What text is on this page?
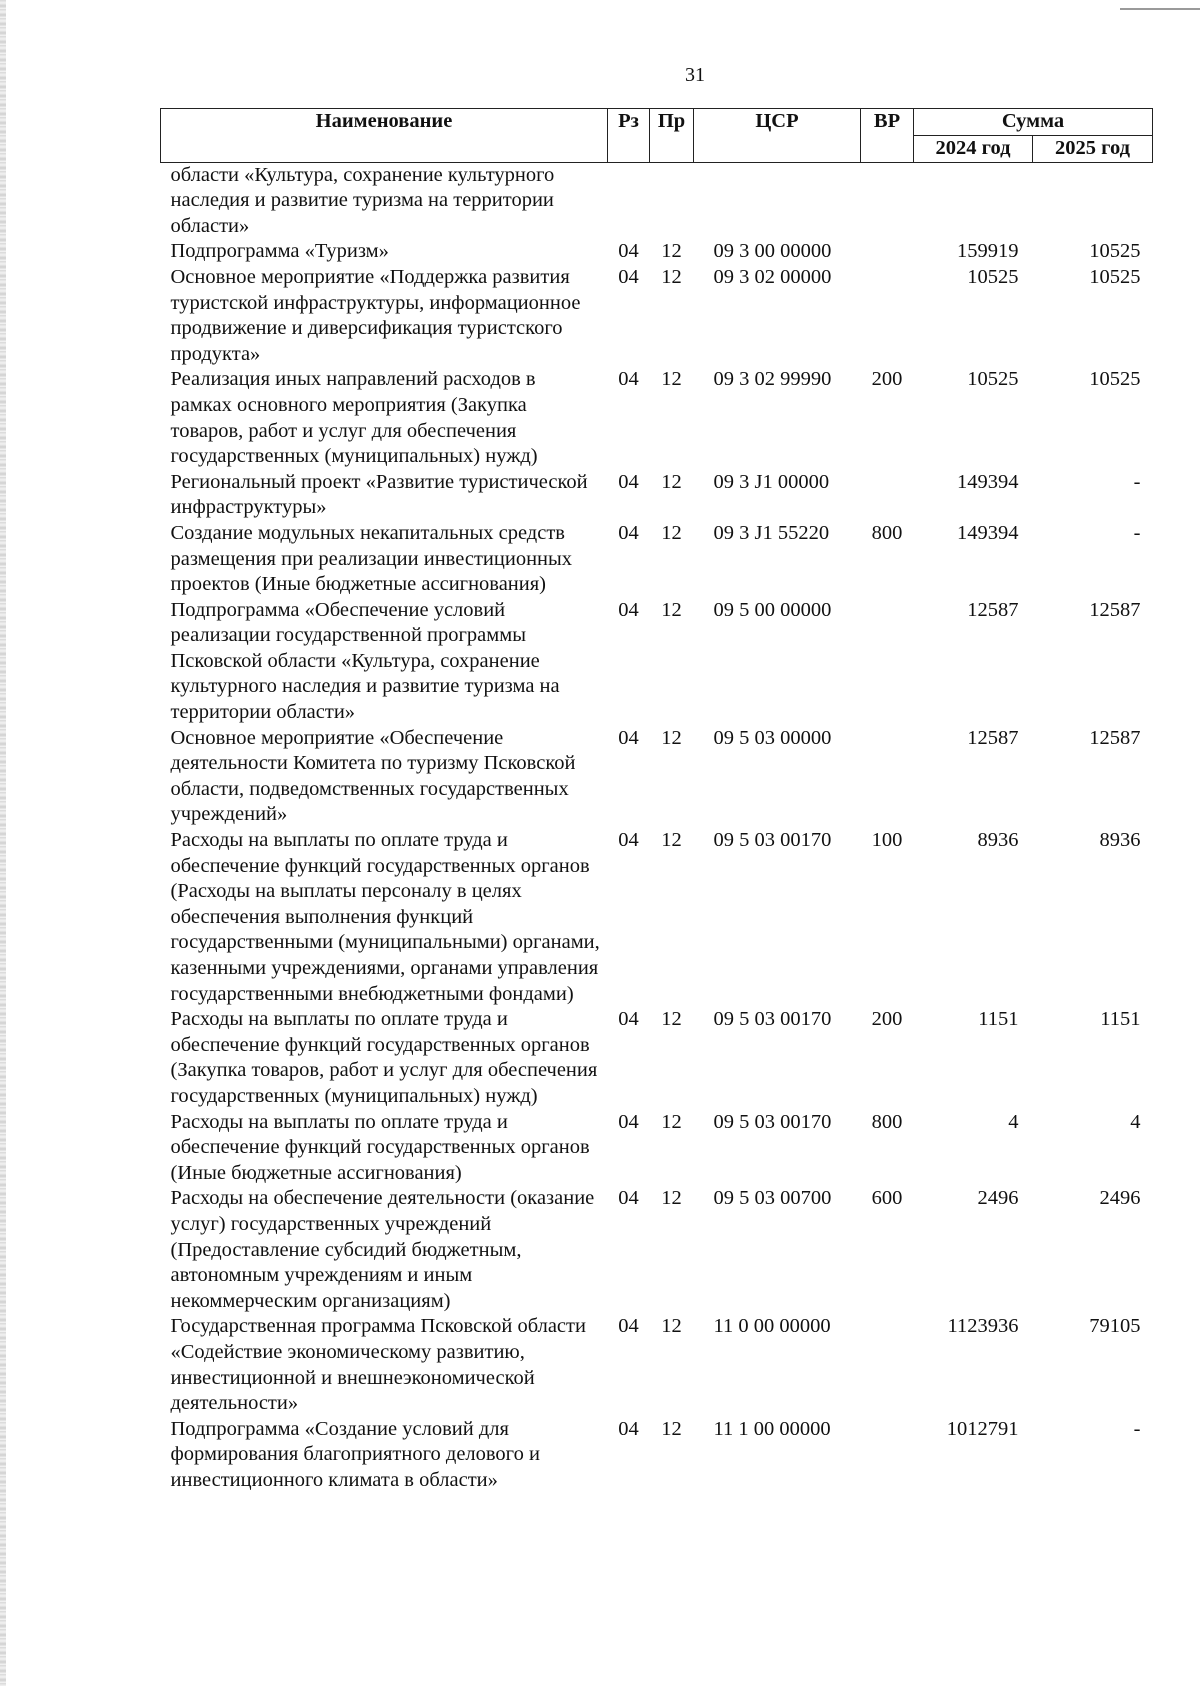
31
Наименование	Рз	Пр	ЦСР	ВР	Сумма	
					2024 год	2025 год
области «Культура, сохранение культурного наследия и развитие туризма на территории области»						
Подпрограмма «Туризм»	04	12	09 3 00 00000		159919	10525
Основное мероприятие «Поддержка развития туристской инфраструктуры, информационное продвижение и диверсификация туристского продукта»	04	12	09 3 02 00000		10525	10525
Реализация иных направлений расходов в рамках основного мероприятия (Закупка товаров, работ и услуг для обеспечения государственных (муниципальных) нужд)	04	12	09 3 02 99990	200	10525	10525
Региональный проект «Развитие туристической инфраструктуры»	04	12	09 3 J1 00000		149394	-
Создание модульных некапитальных средств размещения при реализации инвестиционных проектов (Иные бюджетные ассигнования)	04	12	09 3 J1 55220	800	149394	-
Подпрограмма «Обеспечение условий реализации государственной программы Псковской области «Культура, сохранение культурного наследия и развитие туризма на территории области»	04	12	09 5 00 00000		12587	12587
Основное мероприятие «Обеспечение деятельности Комитета по туризму Псковской области, подведомственных государственных учреждений»	04	12	09 5 03 00000		12587	12587
Расходы на выплаты по оплате труда и обеспечение функций государственных органов (Расходы на выплаты персоналу в целях обеспечения выполнения функций государственными (муниципальными) органами, казенными учреждениями, органами управления государственными внебюджетными фондами)	04	12	09 5 03 00170	100	8936	8936
Расходы на выплаты по оплате труда и обеспечение функций государственных органов (Закупка товаров, работ и услуг для обеспечения государственных (муниципальных) нужд)	04	12	09 5 03 00170	200	1151	1151
Расходы на выплаты по оплате труда и обеспечение функций государственных органов (Иные бюджетные ассигнования)	04	12	09 5 03 00170	800	4	4
Расходы на обеспечение деятельности (оказание услуг) государственных учреждений (Предоставление субсидий бюджетным, автономным учреждениям и иным некоммерческим организациям)	04	12	09 5 03 00700	600	2496	2496
Государственная программа Псковской области «Содействие экономическому развитию, инвестиционной и внешнеэкономической деятельности»	04	12	11 0 00 00000		1123936	79105
Подпрограмма «Создание условий для формирования благоприятного делового и инвестиционного климата в области»	04	12	11 1 00 00000		1012791	-
